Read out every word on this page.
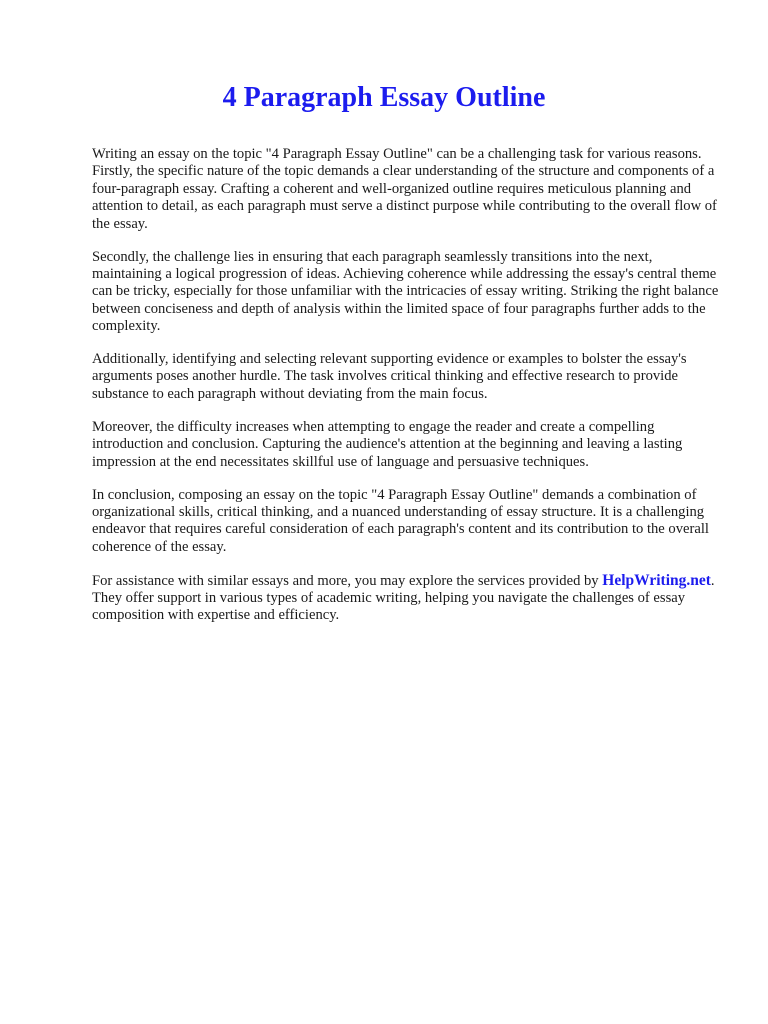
4 Paragraph Essay Outline

Writing an essay on the topic "4 Paragraph Essay Outline" can be a challenging task for various reasons. Firstly, the specific nature of the topic demands a clear understanding of the structure and components of a four-paragraph essay. Crafting a coherent and well-organized outline requires meticulous planning and attention to detail, as each paragraph must serve a distinct purpose while contributing to the overall flow of the essay.

Secondly, the challenge lies in ensuring that each paragraph seamlessly transitions into the next, maintaining a logical progression of ideas. Achieving coherence while addressing the essay's central theme can be tricky, especially for those unfamiliar with the intricacies of essay writing. Striking the right balance between conciseness and depth of analysis within the limited space of four paragraphs further adds to the complexity.

Additionally, identifying and selecting relevant supporting evidence or examples to bolster the essay's arguments poses another hurdle. The task involves critical thinking and effective research to provide substance to each paragraph without deviating from the main focus.

Moreover, the difficulty increases when attempting to engage the reader and create a compelling introduction and conclusion. Capturing the audience's attention at the beginning and leaving a lasting impression at the end necessitates skillful use of language and persuasive techniques.

In conclusion, composing an essay on the topic "4 Paragraph Essay Outline" demands a combination of organizational skills, critical thinking, and a nuanced understanding of essay structure. It is a challenging endeavor that requires careful consideration of each paragraph's content and its contribution to the overall coherence of the essay.

For assistance with similar essays and more, you may explore the services provided by HelpWriting.net. They offer support in various types of academic writing, helping you navigate the challenges of essay composition with expertise and efficiency.
